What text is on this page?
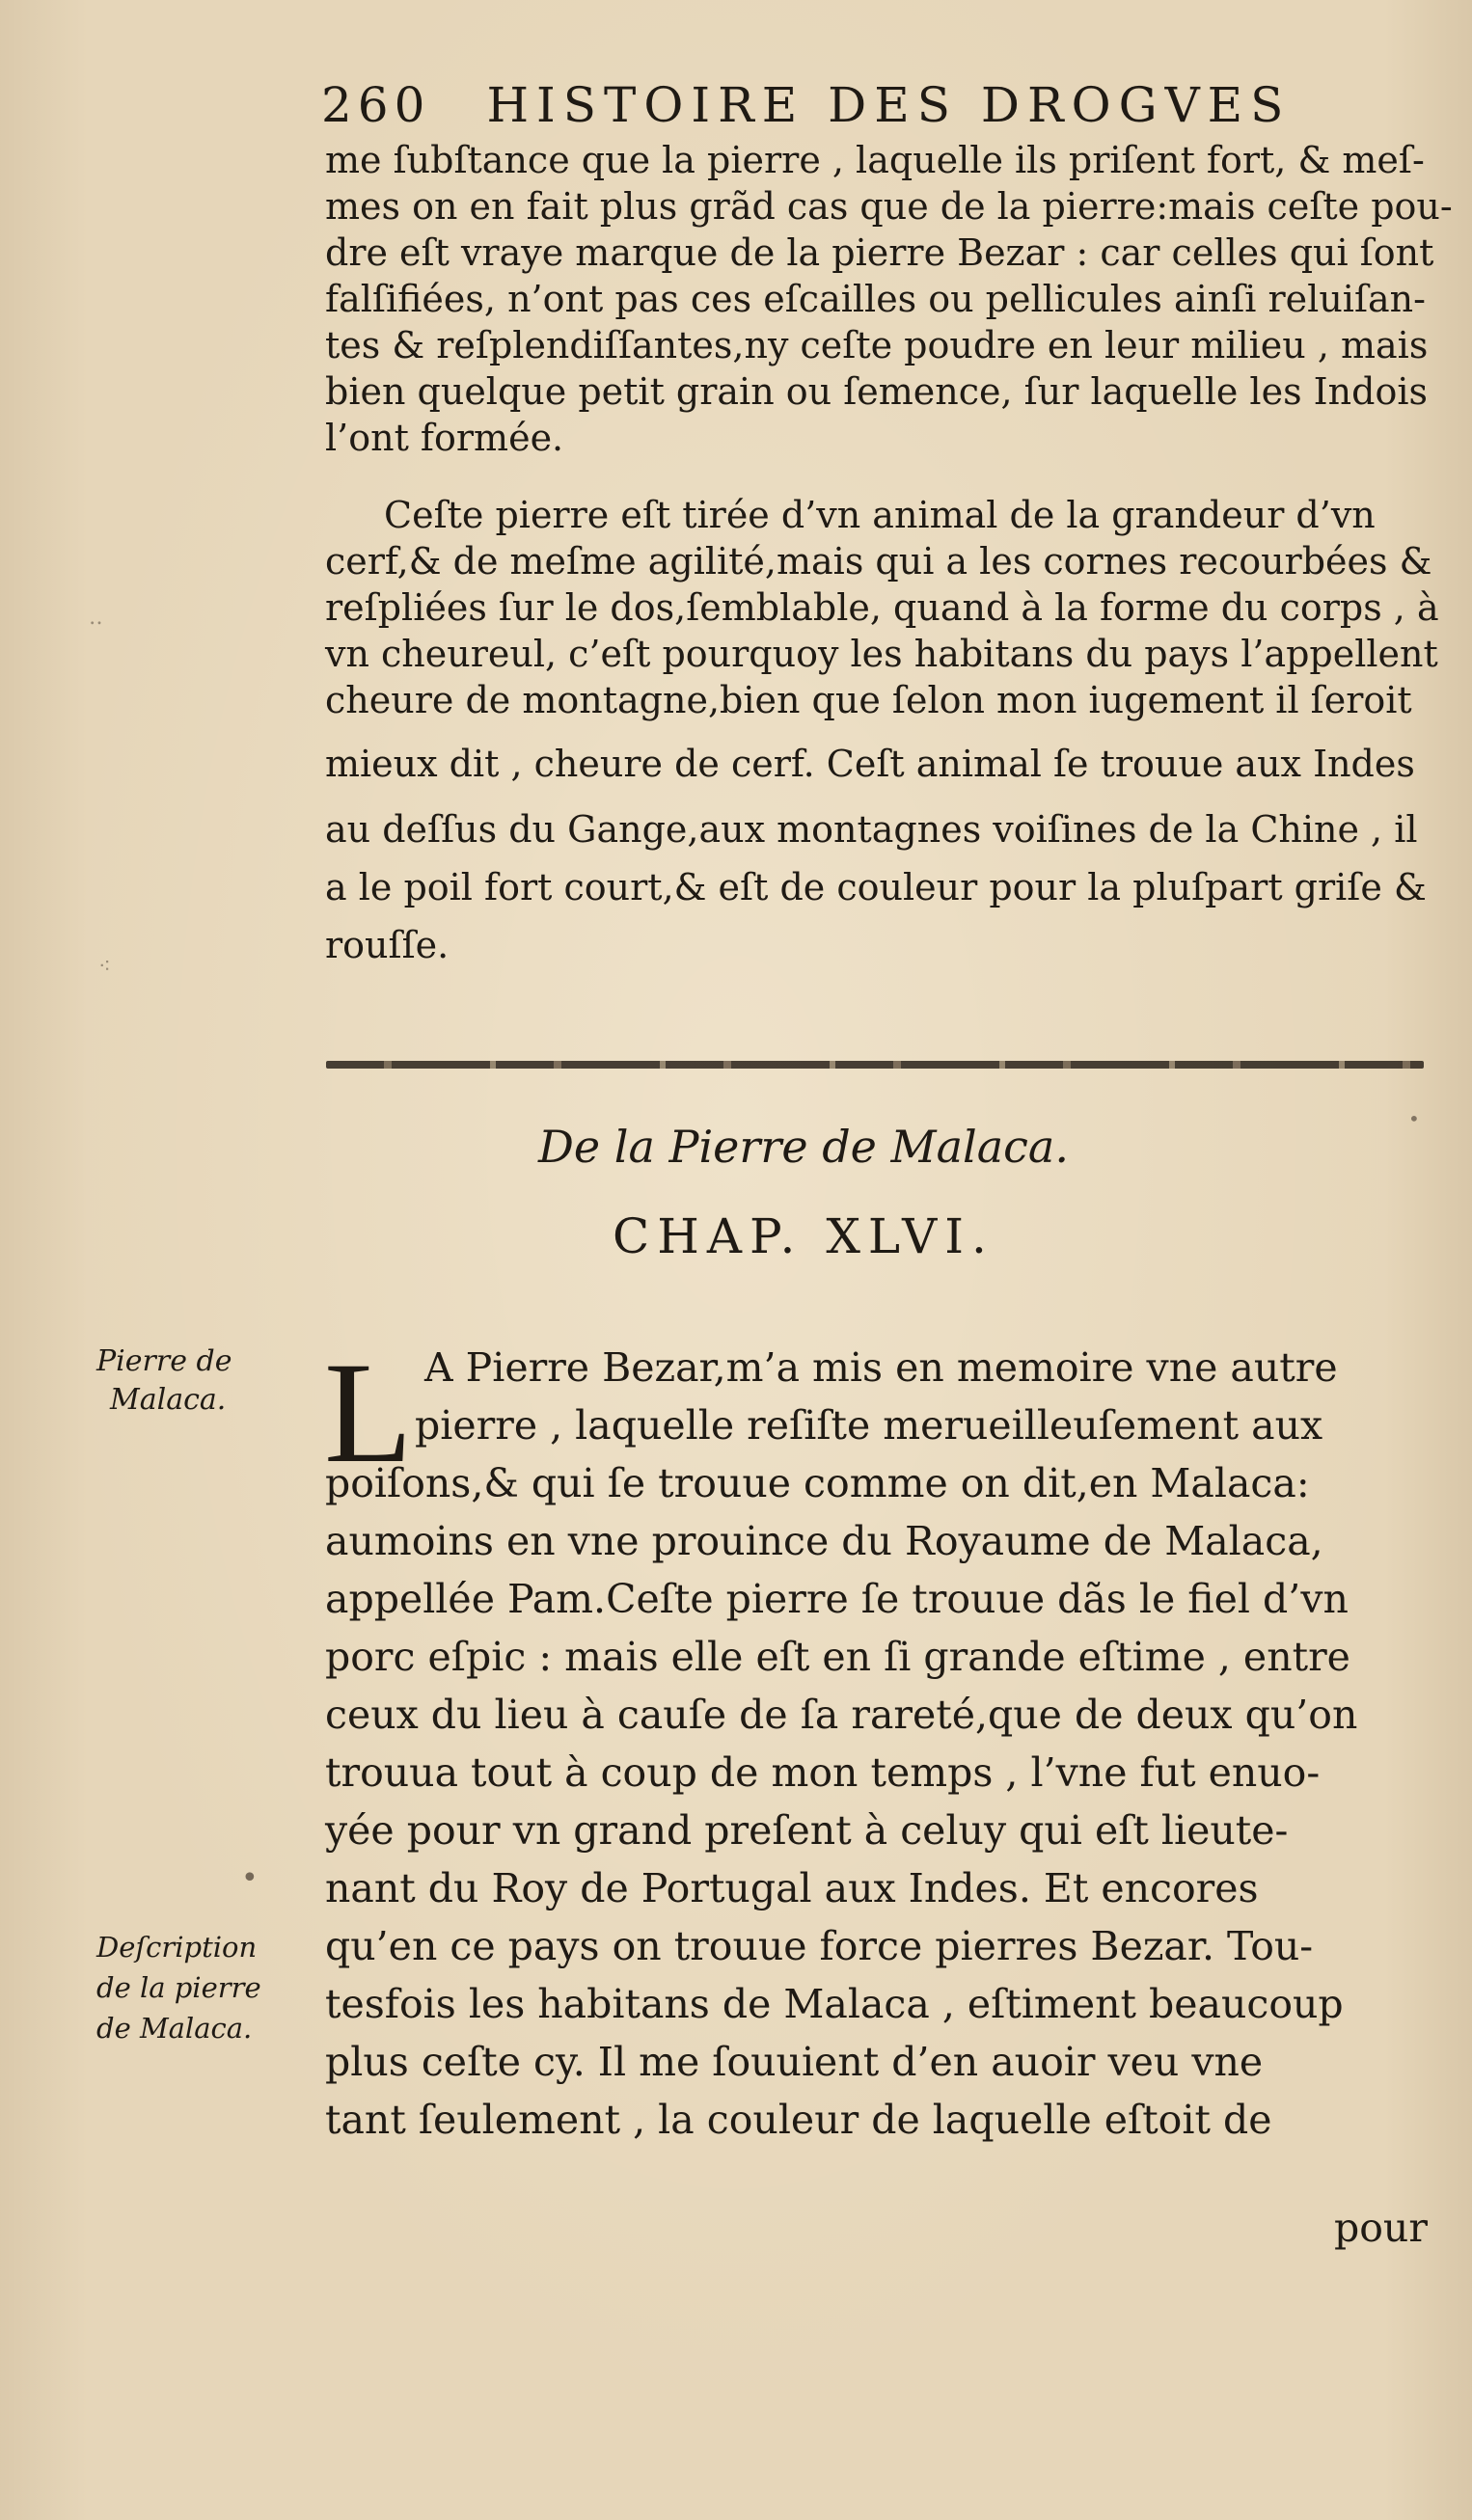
260 HISTOIRE DES DROGVES
me ſubſtance que la pierre , laquelle ils priſent fort, & meſ-
mes on en fait plus grãd cas que de la pierre:mais ceſte pou-
dre eſt vraye marque de la pierre Bezar : car celles qui ſont
falſifiées, n’ont pas ces eſcailles ou pellicules ainſi reluiſan-
tes & reſplendiſſantes,ny ceſte poudre en leur milieu , mais
bien quelque petit grain ou ſemence, ſur laquelle les Indois
l’ont formée.
Ceſte pierre eſt tirée d’vn animal de la grandeur d’vn
cerf,& de meſme agilité,mais qui a les cornes recourbées &
reſpliées ſur le dos,ſemblable, quand à la forme du corps , à
vn cheureul, c’eſt pourquoy les habitans du pays l’appellent
cheure de montagne,bien que ſelon mon iugement il ſeroit
mieux dit , cheure de cerf. Ceſt animal ſe trouue aux Indes
au deſſus du Gange,aux montagnes voiſines de la Chine , il
a le poil fort court,& eſt de couleur pour la pluſpart griſe &
rouſſe.
De la Pierre de Malaca.
CHAP. XLVI.
L A Pierre Bezar,m’a mis en memoire vne autre
pierre , laquelle reſiſte merueilleuſement aux
poiſons,& qui ſe trouue comme on dit,en Malaca:
aumoins en vne prouince du Royaume de Malaca,
appellée Pam.Ceſte pierre ſe trouue dãs le fiel d’vn
porc eſpic : mais elle eſt en ſi grande eſtime , entre
ceux du lieu à cauſe de ſa rareté,que de deux qu’on
trouua tout à coup de mon temps , l’vne fut enuo-
yée pour vn grand preſent à celuy qui eſt lieute-
nant du Roy de Portugal aux Indes. Et encores
qu’en ce pays on trouue force pierres Bezar. Tou-
tesfois les habitans de Malaca , eſtiment beaucoup
plus ceſte cy. Il me ſouuient d’en auoir veu vne
tant ſeulement , la couleur de laquelle eſtoit de
pour
Pierre de
Malaca.
Deſcription
de la pierre
de Malaca.
‥
⁖
•
•
